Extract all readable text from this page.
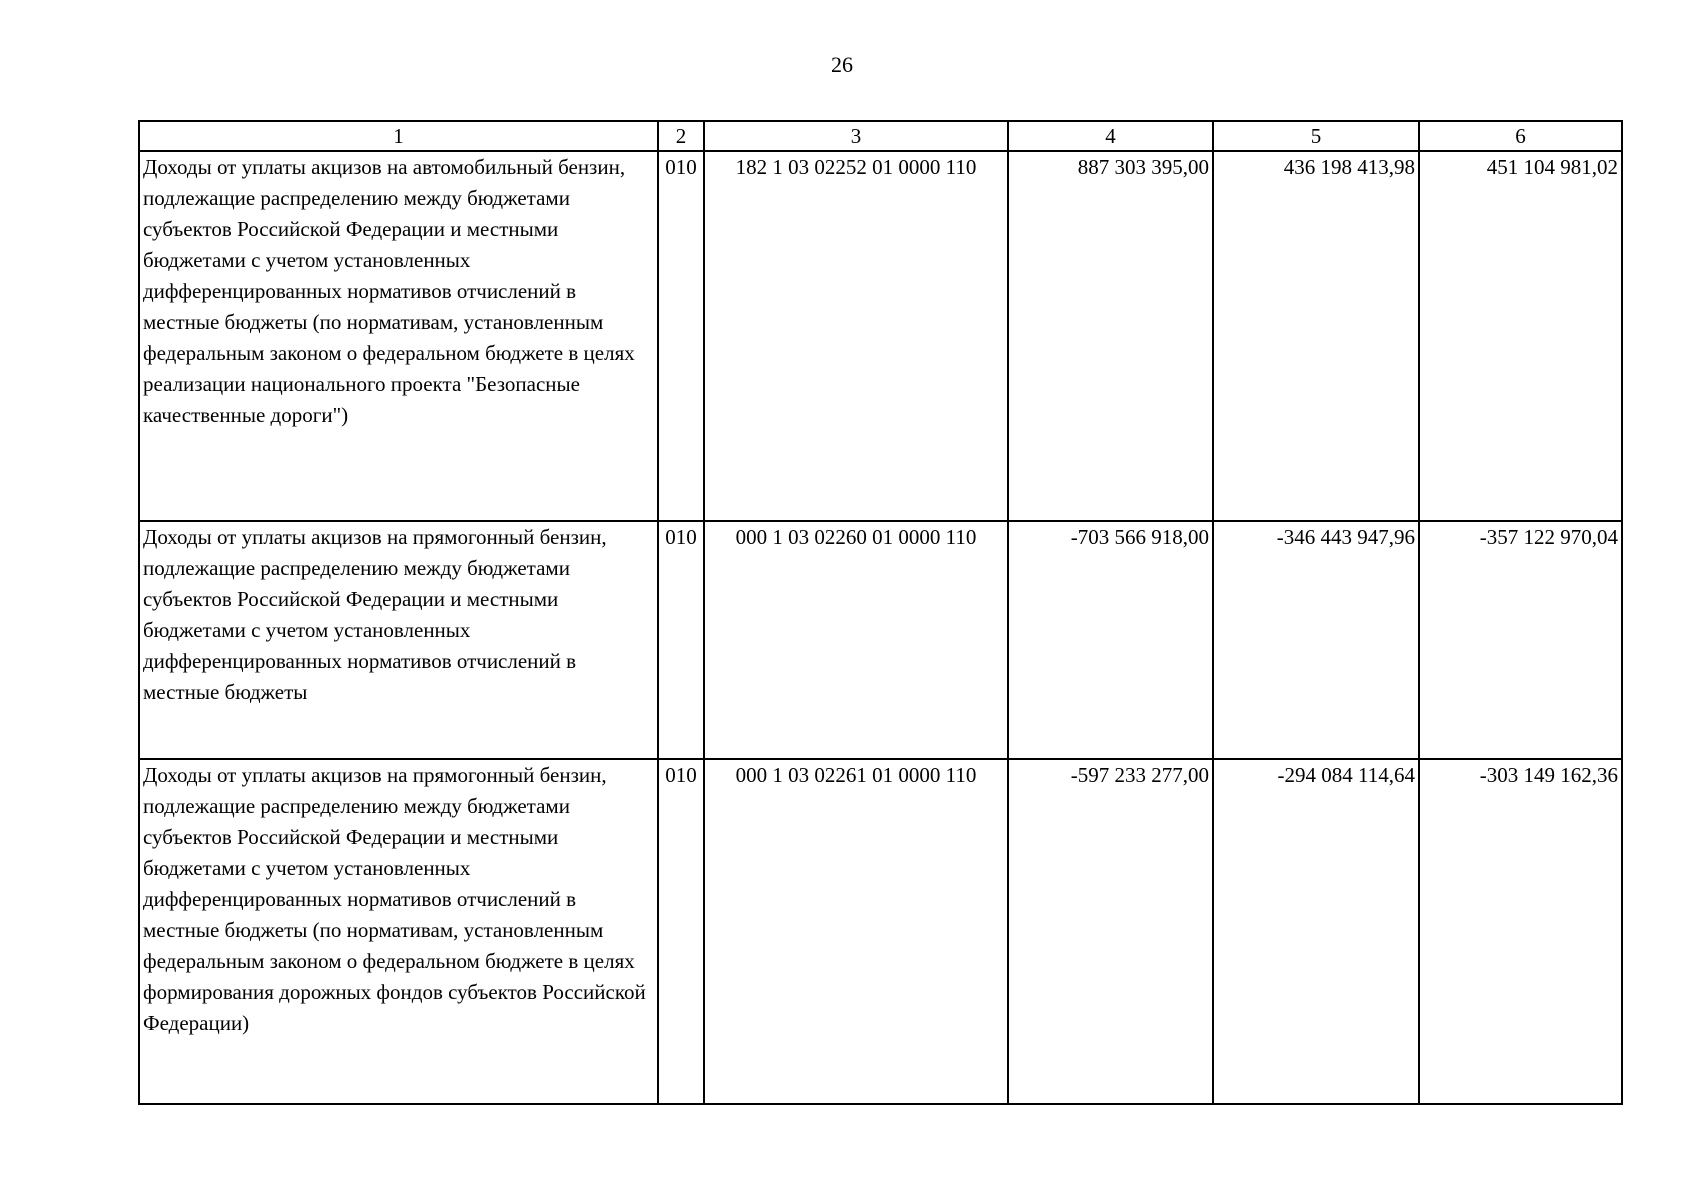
26
1	2	3	4	5	6
Доходы от уплаты акцизов на автомобильный бензин, подлежащие распределению между бюджетами субъектов Российской Федерации и местными бюджетами с учетом установленных дифференцированных нормативов отчислений в местные бюджеты (по нормативам, установленным федеральным законом о федеральном бюджете в целях реализации национального проекта "Безопасные качественные дороги")	010	182 1 03 02252 01 0000 110	887 303 395,00	436 198 413,98	451 104 981,02
Доходы от уплаты акцизов на прямогонный бензин, подлежащие распределению между бюджетами субъектов Российской Федерации и местными бюджетами с учетом установленных дифференцированных нормативов отчислений в местные бюджеты	010	000 1 03 02260 01 0000 110	-703 566 918,00	-346 443 947,96	-357 122 970,04
Доходы от уплаты акцизов на прямогонный бензин, подлежащие распределению между бюджетами субъектов Российской Федерации и местными бюджетами с учетом установленных дифференцированных нормативов отчислений в местные бюджеты (по нормативам, установленным федеральным законом о федеральном бюджете в целях формирования дорожных фондов субъектов Российской Федерации)	010	000 1 03 02261 01 0000 110	-597 233 277,00	-294 084 114,64	-303 149 162,36
